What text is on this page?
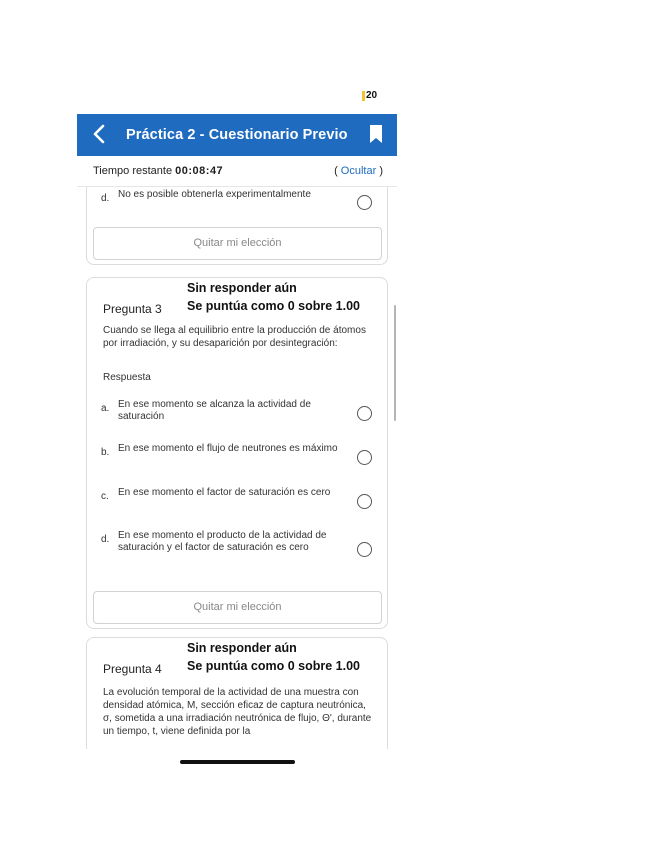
20
Práctica 2 - Cuestionario Previo
Tiempo restante 00:08:47	( Ocultar )
d. No es posible obtenerla experimentalmente
Quitar mi elección
Pregunta 3
Sin responder aún
Se puntúa como 0 sobre 1.00
Cuando se llega al equilibrio entre la producción de átomos por irradiación, y su desaparición por desintegración:
Respuesta
a. En ese momento se alcanza la actividad de saturación
b. En ese momento el flujo de neutrones es máximo
c. En ese momento el factor de saturación es cero
d. En ese momento el producto de la actividad de saturación y el factor de saturación es cero
Quitar mi elección
Pregunta 4
Sin responder aún
Se puntúa como 0 sobre 1.00
La evolución temporal de la actividad de una muestra con densidad atómica, M, sección eficaz de captura neutrónica, σ, sometida a una irradiación neutrónica de flujo, Θ', durante un tiempo, t, viene definida por la
